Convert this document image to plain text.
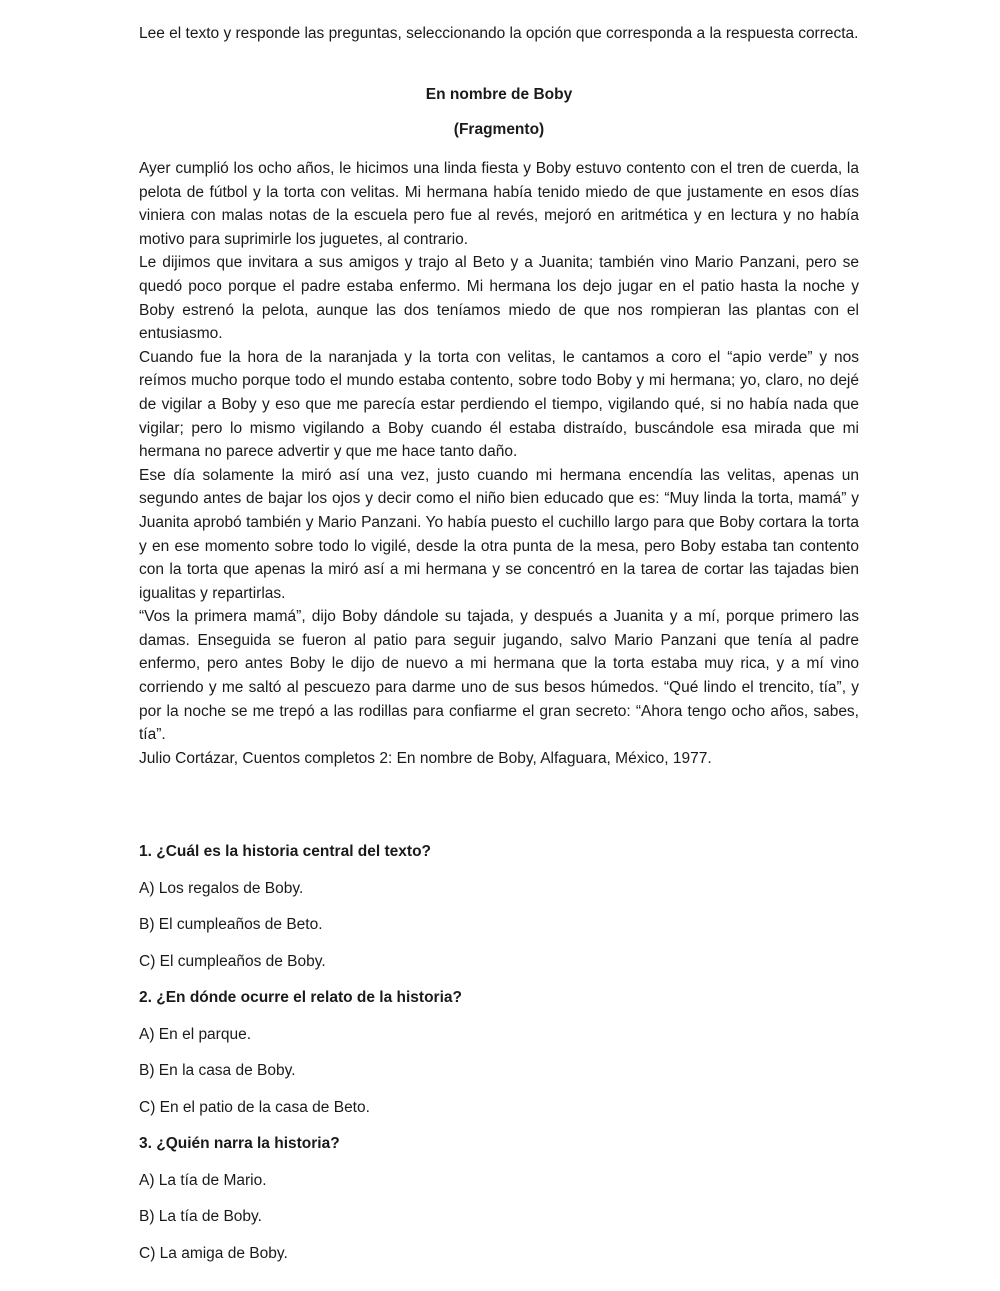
Lee el texto y responde las preguntas, seleccionando la opción que corresponda a la respuesta correcta.

En nombre de Boby

(Fragmento)

Ayer cumplió los ocho años, le hicimos una linda fiesta y Boby estuvo contento con el tren de cuerda, la pelota de fútbol y la torta con velitas. Mi hermana había tenido miedo de que justamente en esos días viniera con malas notas de la escuela pero fue al revés, mejoró en aritmética y en lectura y no había motivo para suprimirle los juguetes, al contrario.

Le dijimos que invitara a sus amigos y trajo al Beto y a Juanita; también vino Mario Panzani, pero se quedó poco porque el padre estaba enfermo. Mi hermana los dejo jugar en el patio hasta la noche y Boby estrenó la pelota, aunque las dos teníamos miedo de que nos rompieran las plantas con el entusiasmo.

Cuando fue la hora de la naranjada y la torta con velitas, le cantamos a coro el “apio verde” y nos reímos mucho porque todo el mundo estaba contento, sobre todo Boby y mi hermana; yo, claro, no dejé de vigilar a Boby y eso que me parecía estar perdiendo el tiempo, vigilando qué, si no había nada que vigilar; pero lo mismo vigilando a Boby cuando él estaba distraído, buscándole esa mirada que mi hermana no parece advertir y que me hace tanto daño.

Ese día solamente la miró así una vez, justo cuando mi hermana encendía las velitas, apenas un segundo antes de bajar los ojos y decir como el niño bien educado que es: “Muy linda la torta, mamá” y Juanita aprobó también y Mario Panzani. Yo había puesto el cuchillo largo para que Boby cortara la torta y en ese momento sobre todo lo vigilé, desde la otra punta de la mesa, pero Boby estaba tan contento con la torta que apenas la miró así a mi hermana y se concentró en la tarea de cortar las tajadas bien igualitas y repartirlas.

“Vos la primera mamá”, dijo Boby dándole su tajada, y después a Juanita y a mí, porque primero las damas. Enseguida se fueron al patio para seguir jugando, salvo Mario Panzani que tenía al padre enfermo, pero antes Boby le dijo de nuevo a mi hermana que la torta estaba muy rica, y a mí vino corriendo y me saltó al pescuezo para darme uno de sus besos húmedos. “Qué lindo el trencito, tía”, y por la noche se me trepó a las rodillas para confiarme el gran secreto: “Ahora tengo ocho años, sabes, tía”.

Julio Cortázar, Cuentos completos 2: En nombre de Boby, Alfaguara, México, 1977.

1. ¿Cuál es la historia central del texto?

A) Los regalos de Boby.

B) El cumpleaños de Beto.

C) El cumpleaños de Boby.

2. ¿En dónde ocurre el relato de la historia?

A) En el parque.

B) En la casa de Boby.

C) En el patio de la casa de Beto.

3. ¿Quién narra la historia?

A) La tía de Mario.

B) La tía de Boby.

C) La amiga de Boby.
